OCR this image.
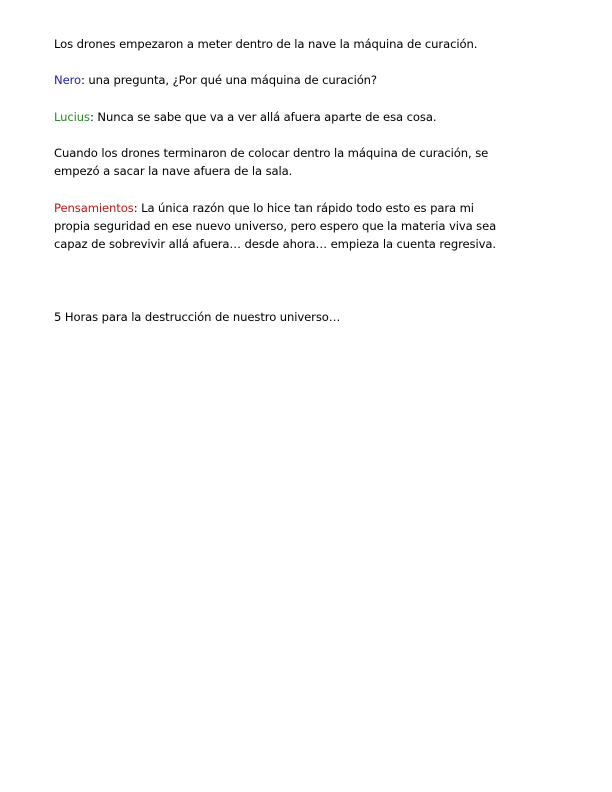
Los drones empezaron a meter dentro de la nave la máquina de curación.

Nero: una pregunta, ¿Por qué una máquina de curación?

Lucius: Nunca se sabe que va a ver allá afuera aparte de esa cosa.

Cuando los drones terminaron de colocar dentro la máquina de curación, se
empezó a sacar la nave afuera de la sala.

Pensamientos: La única razón que lo hice tan rápido todo esto es para mi
propia seguridad en ese nuevo universo, pero espero que la materia viva sea
capaz de sobrevivir allá afuera… desde ahora… empieza la cuenta regresiva.

5 Horas para la destrucción de nuestro universo…
